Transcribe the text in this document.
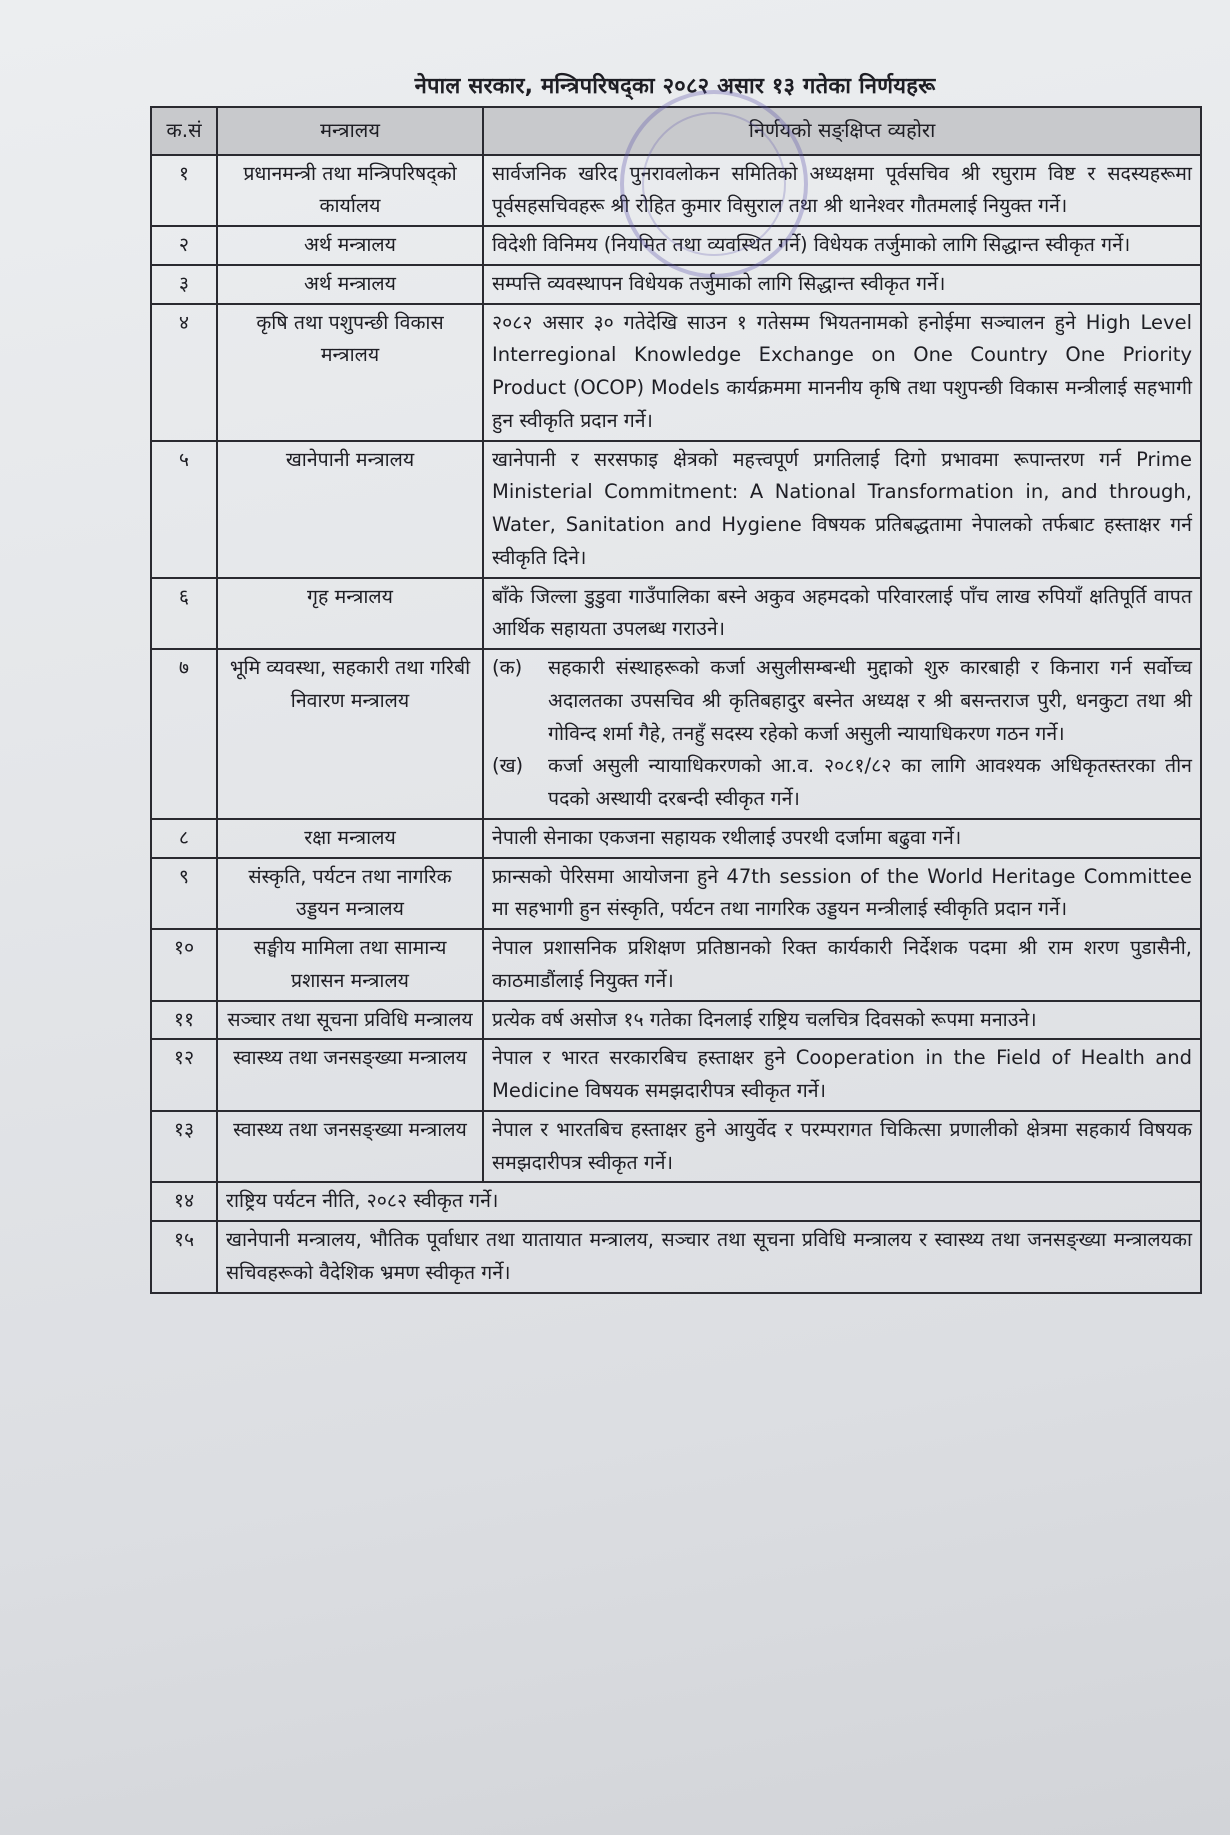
नेपाल सरकार, मन्त्रिपरिषद्का २०८२ असार १३ गतेका निर्णयहरू
क.सं	मन्त्रालय	निर्णयको सङ्क्षिप्त व्यहोरा
१	प्रधानमन्त्री तथा मन्त्रिपरिषद्को कार्यालय	सार्वजनिक खरिद पुनरावलोकन समितिको अध्यक्षमा पूर्वसचिव श्री रघुराम विष्ट र सदस्यहरूमा पूर्वसहसचिवहरू श्री रोहित कुमार विसुराल तथा श्री थानेश्वर गौतमलाई नियुक्त गर्ने।
२	अर्थ मन्त्रालय	विदेशी विनिमय (नियमित तथा व्यवस्थित गर्ने) विधेयक तर्जुमाको लागि सिद्धान्त स्वीकृत गर्ने।
३	अर्थ मन्त्रालय	सम्पत्ति व्यवस्थापन विधेयक तर्जुमाको लागि सिद्धान्त स्वीकृत गर्ने।
४	कृषि तथा पशुपन्छी विकास मन्त्रालय	२०८२ असार ३० गतेदेखि साउन १ गतेसम्म भियतनामको हनोईमा सञ्चालन हुने High Level Interregional Knowledge Exchange on One Country One Priority Product (OCOP) Models कार्यक्रममा माननीय कृषि तथा पशुपन्छी विकास मन्त्रीलाई सहभागी हुन स्वीकृति प्रदान गर्ने।
५	खानेपानी मन्त्रालय	खानेपानी र सरसफाइ क्षेत्रको महत्त्वपूर्ण प्रगतिलाई दिगो प्रभावमा रूपान्तरण गर्न Prime Ministerial Commitment: A National Transformation in, and through, Water, Sanitation and Hygiene विषयक प्रतिबद्धतामा नेपालको तर्फबाट हस्ताक्षर गर्न स्वीकृति दिने।
६	गृह मन्त्रालय	बाँके जिल्ला डुडुवा गाउँपालिका बस्ने अकुव अहमदको परिवारलाई पाँच लाख रुपियाँ क्षतिपूर्ति वापत आर्थिक सहायता उपलब्ध गराउने।
७	भूमि व्यवस्था, सहकारी तथा गरिबी निवारण मन्त्रालय	(क) सहकारी संस्थाहरूको कर्जा असुलीसम्बन्धी मुद्दाको शुरु कारबाही र किनारा गर्न सर्वोच्च अदालतका उपसचिव श्री कृतिबहादुर बस्नेत अध्यक्ष र श्री बसन्तराज पुरी, धनकुटा तथा श्री गोविन्द शर्मा गैहे, तनहुँ सदस्य रहेको कर्जा असुली न्यायाधिकरण गठन गर्ने।
(ख) कर्जा असुली न्यायाधिकरणको आ.व. २०८१/८२ का लागि आवश्यक अधिकृतस्तरका तीन पदको अस्थायी दरबन्दी स्वीकृत गर्ने।

८	रक्षा मन्त्रालय	नेपाली सेनाका एकजना सहायक रथीलाई उपरथी दर्जामा बढुवा गर्ने।
९	संस्कृति, पर्यटन तथा नागरिक उड्डयन मन्त्रालय	फ्रान्सको पेरिसमा आयोजना हुने 47th session of the World Heritage Committee मा सहभागी हुन संस्कृति, पर्यटन तथा नागरिक उड्डयन मन्त्रीलाई स्वीकृति प्रदान गर्ने।
१०	सङ्घीय मामिला तथा सामान्य प्रशासन मन्त्रालय	नेपाल प्रशासनिक प्रशिक्षण प्रतिष्ठानको रिक्त कार्यकारी निर्देशक पदमा श्री राम शरण पुडासैनी, काठमाडौंलाई नियुक्त गर्ने।
११	सञ्चार तथा सूचना प्रविधि मन्त्रालय	प्रत्येक वर्ष असोज १५ गतेका दिनलाई राष्ट्रिय चलचित्र दिवसको रूपमा मनाउने।
१२	स्वास्थ्य तथा जनसङ्ख्या मन्त्रालय	नेपाल र भारत सरकारबिच हस्ताक्षर हुने Cooperation in the Field of Health and Medicine विषयक समझदारीपत्र स्वीकृत गर्ने।
१३	स्वास्थ्य तथा जनसङ्ख्या मन्त्रालय	नेपाल र भारतबिच हस्ताक्षर हुने आयुर्वेद र परम्परागत चिकित्सा प्रणालीको क्षेत्रमा सहकार्य विषयक समझदारीपत्र स्वीकृत गर्ने।
१४	राष्ट्रिय पर्यटन नीति, २०८२ स्वीकृत गर्ने।	
१५	खानेपानी मन्त्रालय, भौतिक पूर्वाधार तथा यातायात मन्त्रालय, सञ्चार तथा सूचना प्रविधि मन्त्रालय र स्वास्थ्य तथा जनसङ्ख्या मन्त्रालयका सचिवहरूको वैदेशिक भ्रमण स्वीकृत गर्ने।	
